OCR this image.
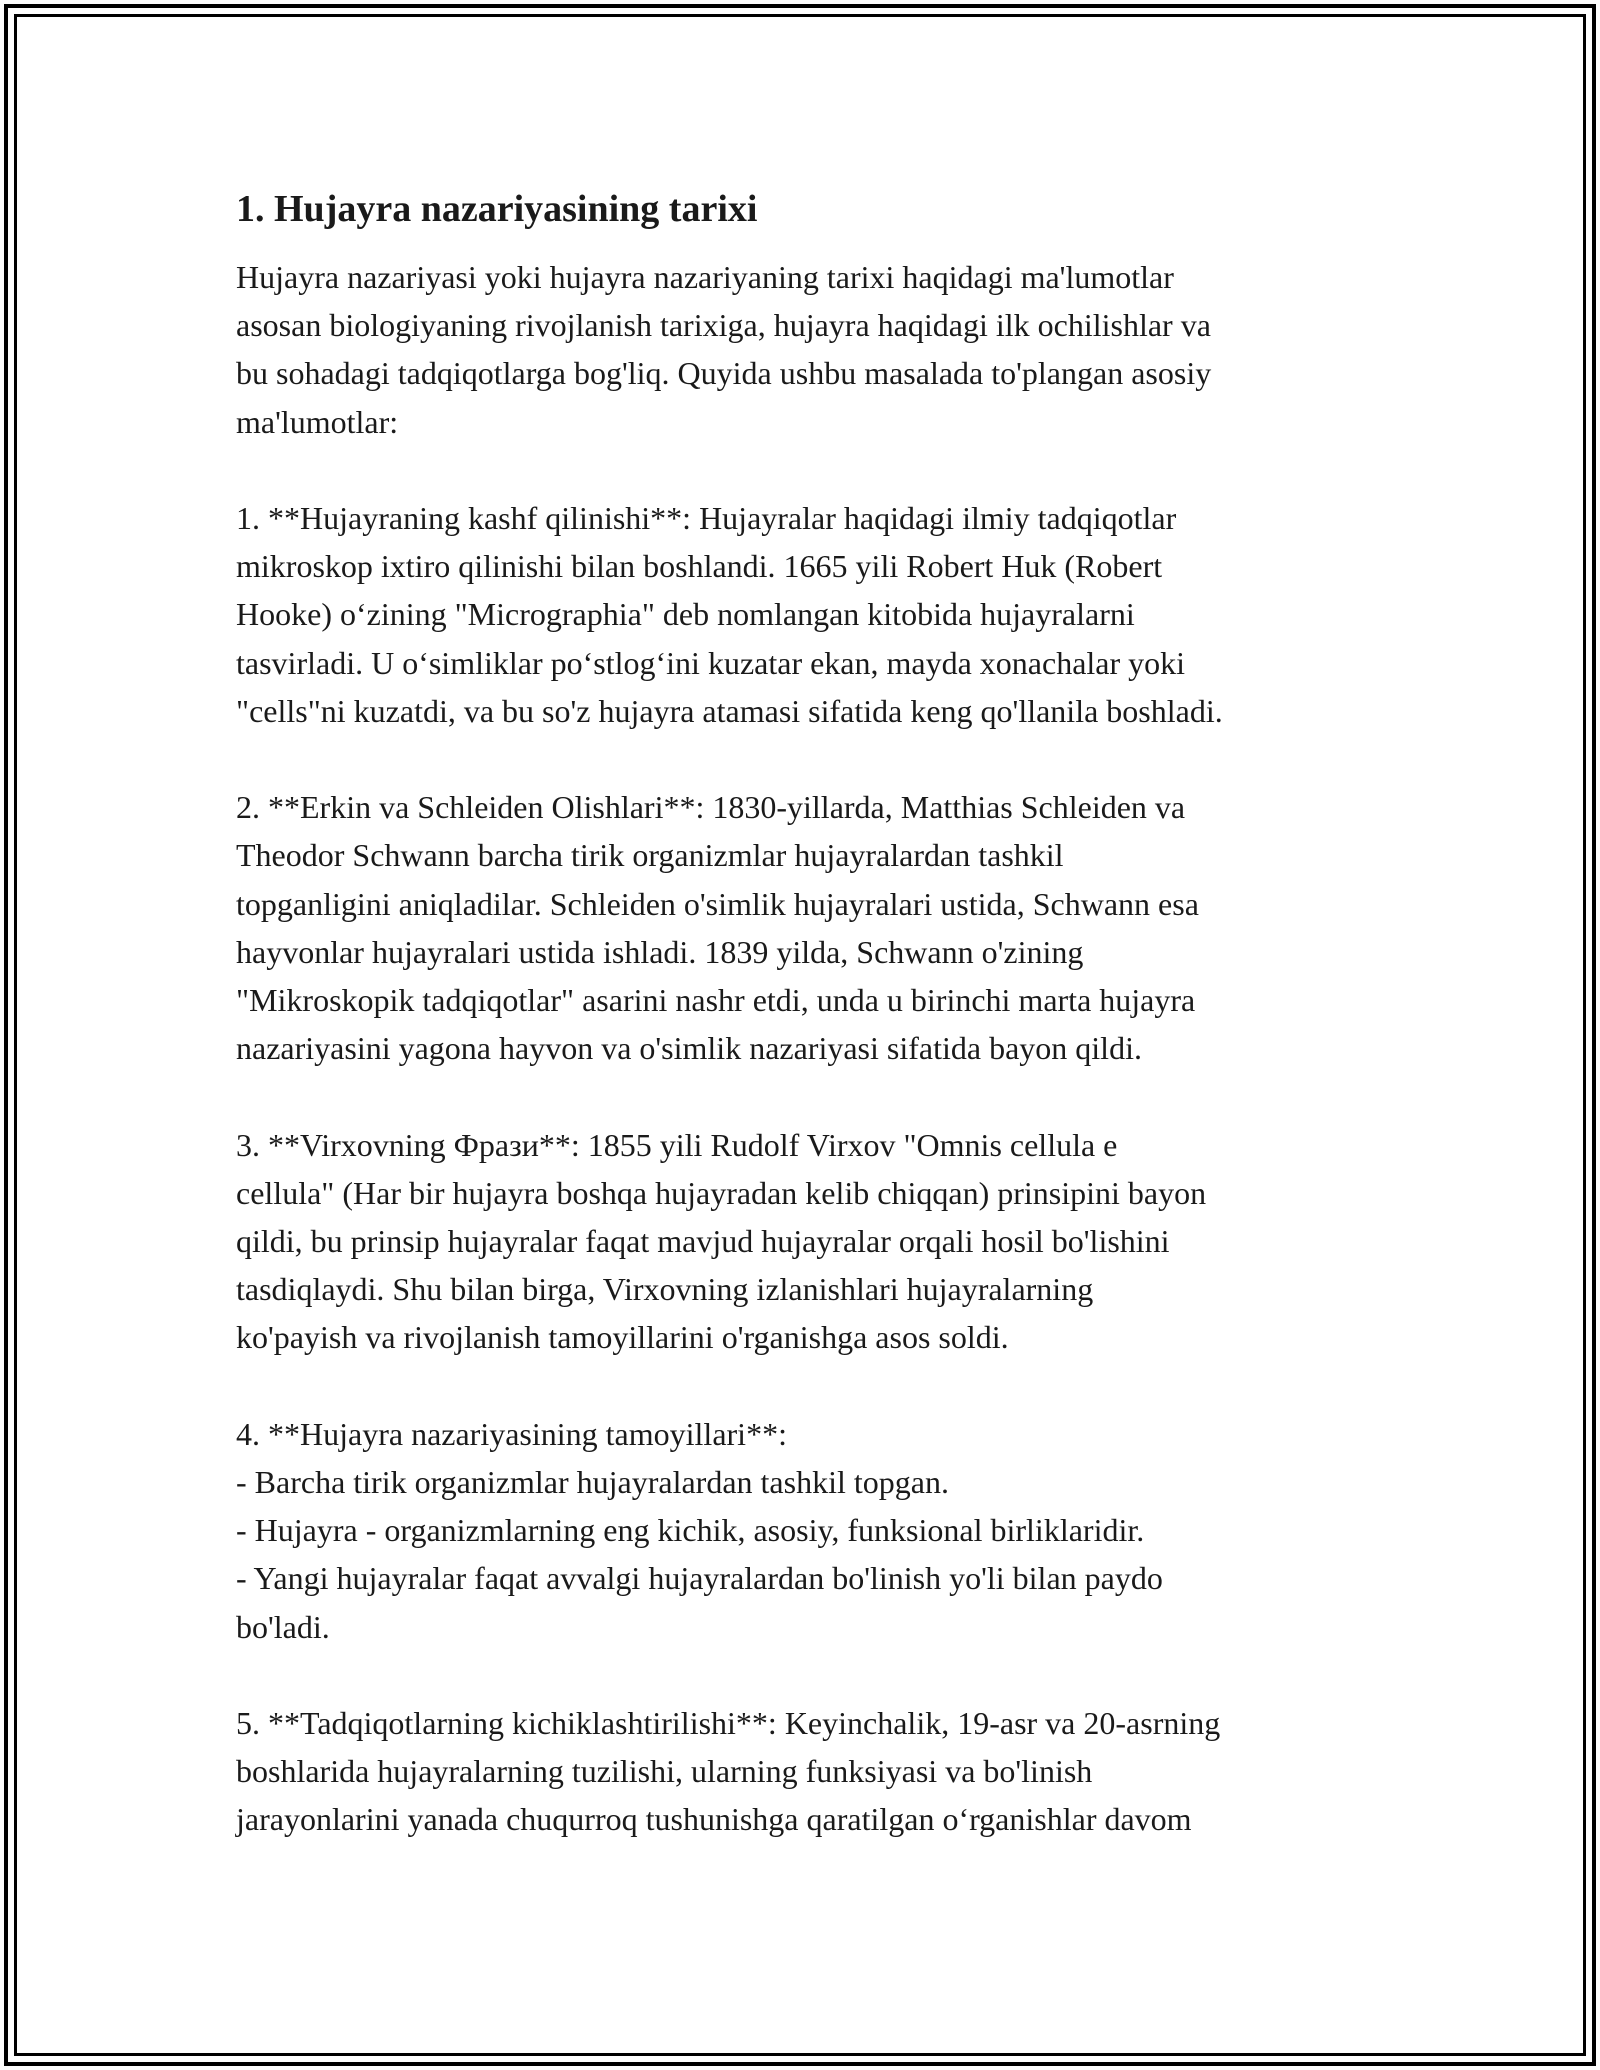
1. Hujayra nazariyasining tarixi

Hujayra nazariyasi yoki hujayra nazariyaning tarixi haqidagi ma'lumotlar
asosan biologiyaning rivojlanish tarixiga, hujayra haqidagi ilk ochilishlar va
bu sohadagi tadqiqotlarga bog'liq. Quyida ushbu masalada to'plangan asosiy
ma'lumotlar:

1. **Hujayraning kashf qilinishi**: Hujayralar haqidagi ilmiy tadqiqotlar
mikroskop ixtiro qilinishi bilan boshlandi. 1665 yili Robert Huk (Robert
Hooke) o‘zining "Micrographia" deb nomlangan kitobida hujayralarni
tasvirladi. U o‘simliklar po‘stlog‘ini kuzatar ekan, mayda xonachalar yoki
"cells"ni kuzatdi, va bu so'z hujayra atamasi sifatida keng qo'llanila boshladi.

2. **Erkin va Schleiden Olishlari**: 1830-yillarda, Matthias Schleiden va
Theodor Schwann barcha tirik organizmlar hujayralardan tashkil
topganligini aniqladilar. Schleiden o'simlik hujayralari ustida, Schwann esa
hayvonlar hujayralari ustida ishladi. 1839 yilda, Schwann o'zining
"Mikroskopik tadqiqotlar" asarini nashr etdi, unda u birinchi marta hujayra
nazariyasini yagona hayvon va o'simlik nazariyasi sifatida bayon qildi.

3. **Virxovning Фрази**: 1855 yili Rudolf Virxov "Omnis cellula e
cellula" (Har bir hujayra boshqa hujayradan kelib chiqqan) prinsipini bayon
qildi, bu prinsip hujayralar faqat mavjud hujayralar orqali hosil bo'lishini
tasdiqlaydi. Shu bilan birga, Virxovning izlanishlari hujayralarning
ko'payish va rivojlanish tamoyillarini o'rganishga asos soldi.

4. **Hujayra nazariyasining tamoyillari**:
- Barcha tirik organizmlar hujayralardan tashkil topgan.
- Hujayra - organizmlarning eng kichik, asosiy, funksional birliklaridir.
- Yangi hujayralar faqat avvalgi hujayralardan bo'linish yo'li bilan paydo
bo'ladi.

5. **Tadqiqotlarning kichiklashtirilishi**: Keyinchalik, 19-asr va 20-asrning
boshlarida hujayralarning tuzilishi, ularning funksiyasi va bo'linish
jarayonlarini yanada chuqurroq tushunishga qaratilgan o‘rganishlar davom
